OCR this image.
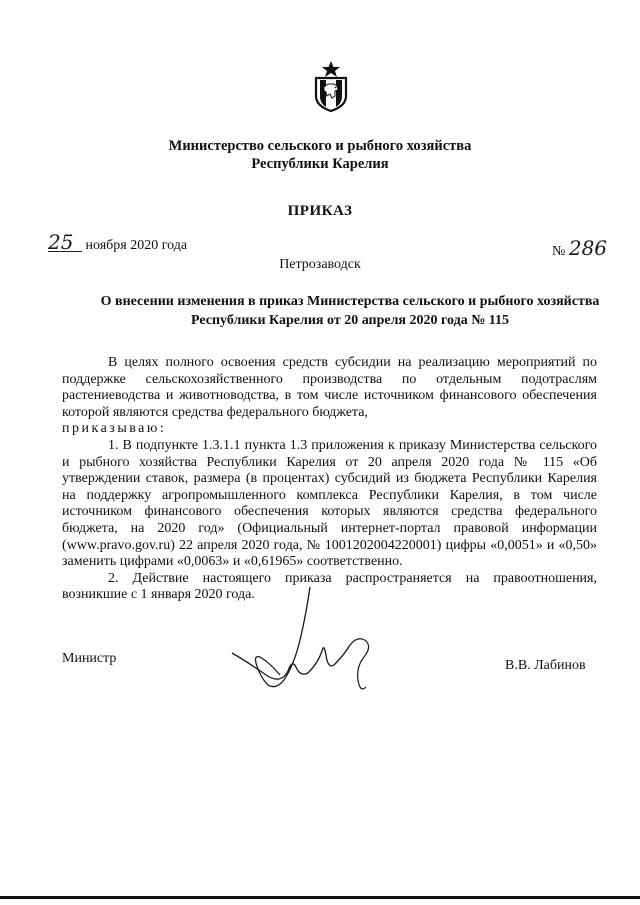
Министерство сельского и рыбного хозяйства
Республики Карелия
ПРИКАЗ
25 ноября 2020 года	№ 286
Петрозаводск
О внесении изменения в приказ Министерства сельского и рыбного хозяйства Республики Карелия от 20 апреля 2020 года № 115

В целях полного освоения средств субсидии на реализацию мероприятий по поддержке сельскохозяйственного производства по отдельным подотраслям растениеводства и животноводства, в том числе источником финансового обеспечения которой являются средства федерального бюджета,

приказываю:

1. В подпункте 1.3.1.1 пункта 1.3 приложения к приказу Министерства сельского и рыбного хозяйства Республики Карелия от 20 апреля 2020 года № 115 «Об утверждении ставок, размера (в процентах) субсидий из бюджета Республики Карелия на поддержку агропромышленного комплекса Республики Карелия, в том числе источником финансового обеспечения которых являются средства федерального бюджета, на 2020 год» (Официальный интернет-портал правовой информации (www.pravo.gov.ru) 22 апреля 2020 года, № 1001202004220001) цифры «0,0051» и «0,50» заменить цифрами «0,0063» и «0,61965» соответственно.

2. Действие настоящего приказа распространяется на правоотношения, возникшие с 1 января 2020 года.

Министр	В.В. Лабинов
